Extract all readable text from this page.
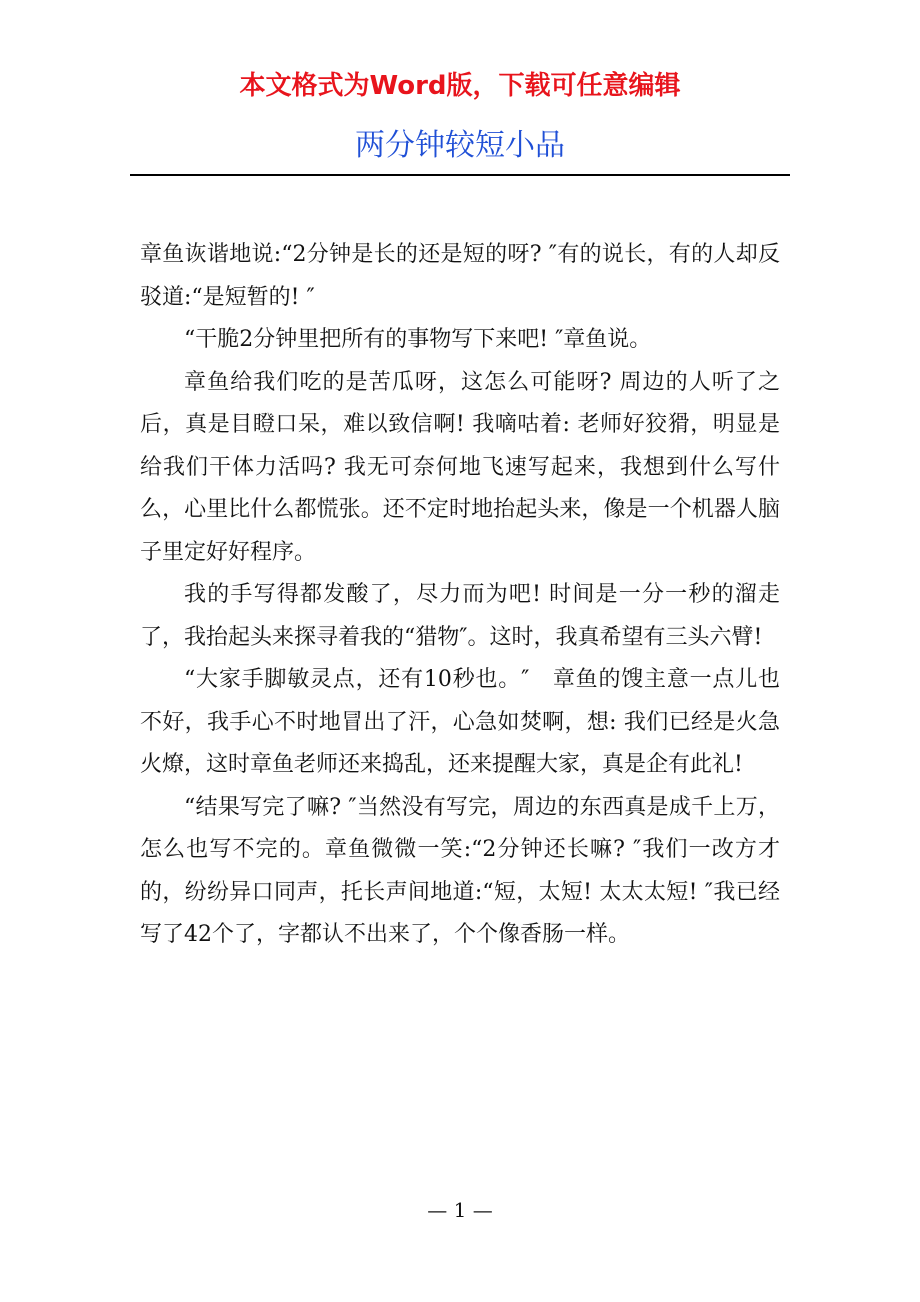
本文格式为Word版，下载可任意编辑
两分钟较短小品

章鱼诙谐地说:“2分钟是长的还是短的呀? ″有的说长，有的人却反驳道:“是短暂的! ″

“干脆2分钟里把所有的事物写下来吧! ″章鱼说。

章鱼给我们吃的是苦瓜呀，这怎么可能呀? 周边的人听了之后，真是目瞪口呆，难以致信啊! 我嘀咕着: 老师好狡猾，明显是给我们干体力活吗? 我无可奈何地飞速写起来，我想到什么写什么，心里比什么都慌张。还不定时地抬起头来，像是一个机器人脑子里定好好程序。

我的手写得都发酸了，尽力而为吧! 时间是一分一秒的溜走了，我抬起头来探寻着我的“猎物″。这时，我真希望有三头六臂!

“大家手脚敏灵点，还有10秒也。″　章鱼的馊主意一点儿也不好，我手心不时地冒出了汗，心急如焚啊，想: 我们已经是火急火燎，这时章鱼老师还来捣乱，还来提醒大家，真是企有此礼!

“结果写完了嘛? ″当然没有写完，周边的东西真是成千上万，怎么也写不完的。章鱼微微一笑:“2分钟还长嘛? ″我们一改方才的，纷纷异口同声，托长声间地道:“短，太短! 太太太短! ″我已经写了42个了，字都认不出来了，个个像香肠一样。

— 1 —
